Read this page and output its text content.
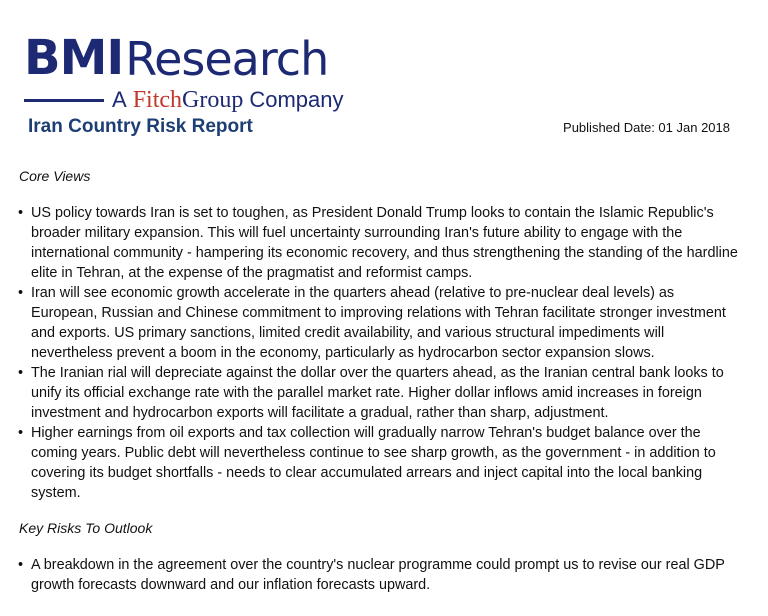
BMI Research
A FitchGroup Company
Iran Country Risk Report	Published Date: 01 Jan 2018
Core Views
• US policy towards Iran is set to toughen, as President Donald Trump looks to contain the Islamic Republic's broader military expansion. This will fuel uncertainty surrounding Iran's future ability to engage with the international community - hampering its economic recovery, and thus strengthening the standing of the hardline elite in Tehran, at the expense of the pragmatist and reformist camps.
• Iran will see economic growth accelerate in the quarters ahead (relative to pre-nuclear deal levels) as European, Russian and Chinese commitment to improving relations with Tehran facilitate stronger investment and exports. US primary sanctions, limited credit availability, and various structural impediments will nevertheless prevent a boom in the economy, particularly as hydrocarbon sector expansion slows.
• The Iranian rial will depreciate against the dollar over the quarters ahead, as the Iranian central bank looks to unify its official exchange rate with the parallel market rate. Higher dollar inflows amid increases in foreign investment and hydrocarbon exports will facilitate a gradual, rather than sharp, adjustment.
• Higher earnings from oil exports and tax collection will gradually narrow Tehran's budget balance over the coming years. Public debt will nevertheless continue to see sharp growth, as the government - in addition to covering its budget shortfalls - needs to clear accumulated arrears and inject capital into the local banking system.
Key Risks To Outlook
• A breakdown in the agreement over the country's nuclear programme could prompt us to revise our real GDP growth forecasts downward and our inflation forecasts upward.
